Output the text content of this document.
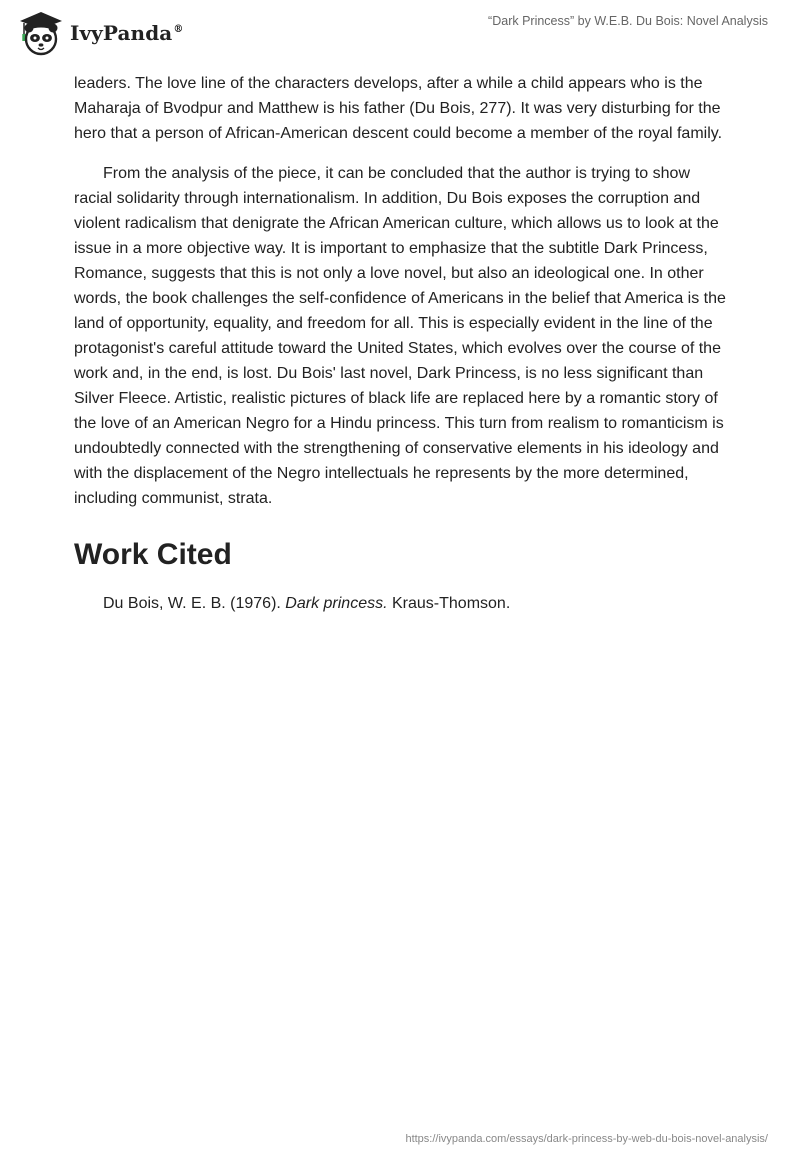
IvyPanda®
“Dark Princess” by W.E.B. Du Bois: Novel Analysis

leaders. The love line of the characters develops, after a while a child appears who is the Maharaja of Bvodpur and Matthew is his father (Du Bois, 277). It was very disturbing for the hero that a person of African-American descent could become a member of the royal family.

From the analysis of the piece, it can be concluded that the author is trying to show racial solidarity through internationalism. In addition, Du Bois exposes the corruption and violent radicalism that denigrate the African American culture, which allows us to look at the issue in a more objective way. It is important to emphasize that the subtitle Dark Princess, Romance, suggests that this is not only a love novel, but also an ideological one. In other words, the book challenges the self-confidence of Americans in the belief that America is the land of opportunity, equality, and freedom for all. This is especially evident in the line of the protagonist's careful attitude toward the United States, which evolves over the course of the work and, in the end, is lost. Du Bois' last novel, Dark Princess, is no less significant than Silver Fleece. Artistic, realistic pictures of black life are replaced here by a romantic story of the love of an American Negro for a Hindu princess. This turn from realism to romanticism is undoubtedly connected with the strengthening of conservative elements in his ideology and with the displacement of the Negro intellectuals he represents by the more determined, including communist, strata.

Work Cited

Du Bois, W. E. B. (1976). Dark princess. Kraus-Thomson.

https://ivypanda.com/essays/dark-princess-by-web-du-bois-novel-analysis/
